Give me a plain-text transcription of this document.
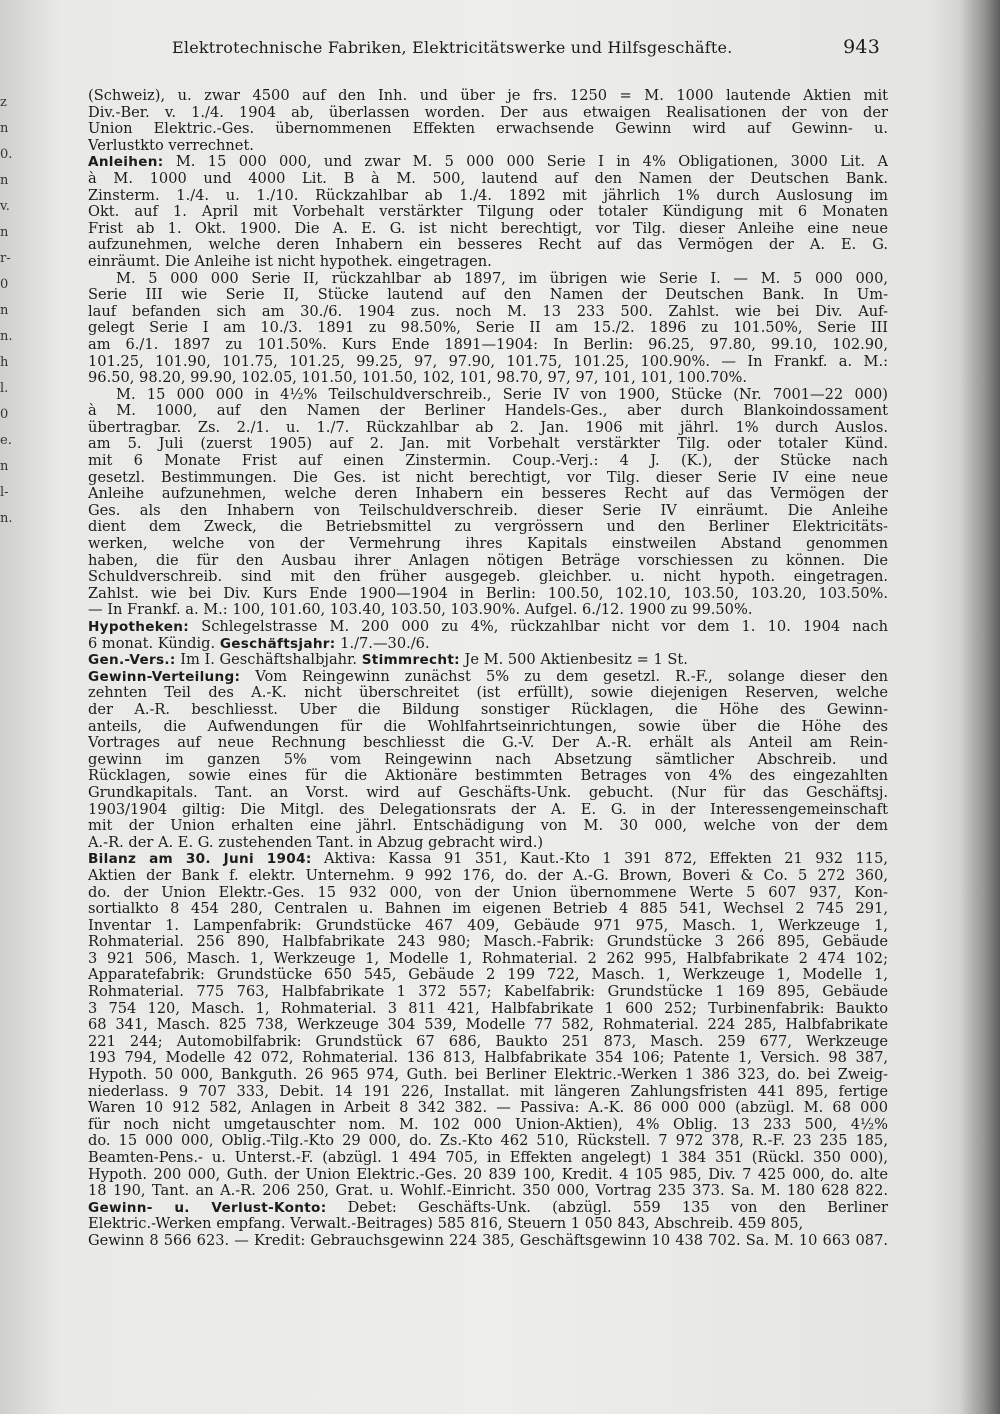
z
n
0.
n
v.
n
r-
0
n
n.
h
l.
0
e.
n
l-
n.
Elektrotechnische Fabriken, Elektricitätswerke und Hilfsgeschäfte.	943
(Schweiz), u. zwar 4500 auf den Inh. und über je frs. 1250 = M. 1000 lautende Aktien mit
Div.-Ber. v. 1./4. 1904 ab, überlassen worden. Der aus etwaigen Realisationen der von der
Union Elektric.-Ges. übernommenen Effekten erwachsende Gewinn wird auf Gewinn- u.
Verlustkto verrechnet.
Anleihen: M. 15 000 000, und zwar M. 5 000 000 Serie I in 4% Obligationen, 3000 Lit. A
à M. 1000 und 4000 Lit. B à M. 500, lautend auf den Namen der Deutschen Bank.
Zinsterm. 1./4. u. 1./10. Rückzahlbar ab 1./4. 1892 mit jährlich 1% durch Auslosung im
Okt. auf 1. April mit Vorbehalt verstärkter Tilgung oder totaler Kündigung mit 6 Monaten
Frist ab 1. Okt. 1900. Die A. E. G. ist nicht berechtigt, vor Tilg. dieser Anleihe eine neue
aufzunehmen, welche deren Inhabern ein besseres Recht auf das Vermögen der A. E. G.
einräumt. Die Anleihe ist nicht hypothek. eingetragen.
M. 5 000 000 Serie II, rückzahlbar ab 1897, im übrigen wie Serie I. — M. 5 000 000,
Serie III wie Serie II, Stücke lautend auf den Namen der Deutschen Bank. In Um-
lauf befanden sich am 30./6. 1904 zus. noch M. 13 233 500. Zahlst. wie bei Div. Auf-
gelegt Serie I am 10./3. 1891 zu 98.50%, Serie II am 15./2. 1896 zu 101.50%, Serie III
am 6./1. 1897 zu 101.50%. Kurs Ende 1891—1904: In Berlin: 96.25, 97.80, 99.10, 102.90,
101.25, 101.90, 101.75, 101.25, 99.25, 97, 97.90, 101.75, 101.25, 100.90%. — In Frankf. a. M.:
96.50, 98.20, 99.90, 102.05, 101.50, 101.50, 102, 101, 98.70, 97, 97, 101, 101, 100.70%.
M. 15 000 000 in 4½% Teilschuldverschreib., Serie IV von 1900, Stücke (Nr. 7001—22 000)
à M. 1000, auf den Namen der Berliner Handels-Ges., aber durch Blankoindossament
übertragbar. Zs. 2./1. u. 1./7. Rückzahlbar ab 2. Jan. 1906 mit jährl. 1% durch Auslos.
am 5. Juli (zuerst 1905) auf 2. Jan. mit Vorbehalt verstärkter Tilg. oder totaler Künd.
mit 6 Monate Frist auf einen Zinstermin. Coup.-Verj.: 4 J. (K.), der Stücke nach
gesetzl. Bestimmungen. Die Ges. ist nicht berechtigt, vor Tilg. dieser Serie IV eine neue
Anleihe aufzunehmen, welche deren Inhabern ein besseres Recht auf das Vermögen der
Ges. als den Inhabern von Teilschuldverschreib. dieser Serie IV einräumt. Die Anleihe
dient dem Zweck, die Betriebsmittel zu vergrössern und den Berliner Elektricitäts-
werken, welche von der Vermehrung ihres Kapitals einstweilen Abstand genommen
haben, die für den Ausbau ihrer Anlagen nötigen Beträge vorschiessen zu können. Die
Schuldverschreib. sind mit den früher ausgegeb. gleichber. u. nicht hypoth. eingetragen.
Zahlst. wie bei Div. Kurs Ende 1900—1904 in Berlin: 100.50, 102.10, 103.50, 103.20, 103.50%.
— In Frankf. a. M.: 100, 101.60, 103.40, 103.50, 103.90%. Aufgel. 6./12. 1900 zu 99.50%.
Hypotheken: Schlegelstrasse M. 200 000 zu 4%, rückzahlbar nicht vor dem 1. 10. 1904 nach
6 monat. Kündig. Geschäftsjahr: 1./7.—30./6.
Gen.-Vers.: Im I. Geschäftshalbjahr. Stimmrecht: Je M. 500 Aktienbesitz = 1 St.
Gewinn-Verteilung: Vom Reingewinn zunächst 5% zu dem gesetzl. R.-F., solange dieser den
zehnten Teil des A.-K. nicht überschreitet (ist erfüllt), sowie diejenigen Reserven, welche
der A.-R. beschliesst. Über die Bildung sonstiger Rücklagen, die Höhe des Gewinn-
anteils, die Aufwendungen für die Wohlfahrtseinrichtungen, sowie über die Höhe des
Vortrages auf neue Rechnung beschliesst die G.-V. Der A.-R. erhält als Anteil am Rein-
gewinn im ganzen 5% vom Reingewinn nach Absetzung sämtlicher Abschreib. und
Rücklagen, sowie eines für die Aktionäre bestimmten Betrages von 4% des eingezahlten
Grundkapitals. Tant. an Vorst. wird auf Geschäfts-Unk. gebucht. (Nur für das Geschäftsj.
1903/1904 giltig: Die Mitgl. des Delegationsrats der A. E. G. in der Interessengemeinschaft
mit der Union erhalten eine jährl. Entschädigung von M. 30 000, welche von der dem
A.-R. der A. E. G. zustehenden Tant. in Abzug gebracht wird.)
Bilanz am 30. Juni 1904: Aktiva: Kassa 91 351, Kaut.-Kto 1 391 872, Effekten 21 932 115,
Aktien der Bank f. elektr. Unternehm. 9 992 176, do. der A.-G. Brown, Boveri & Co. 5 272 360,
do. der Union Elektr.-Ges. 15 932 000, von der Union übernommene Werte 5 607 937, Kon-
sortialkto 8 454 280, Centralen u. Bahnen im eigenen Betrieb 4 885 541, Wechsel 2 745 291,
Inventar 1. Lampenfabrik: Grundstücke 467 409, Gebäude 971 975, Masch. 1, Werkzeuge 1,
Rohmaterial. 256 890, Halbfabrikate 243 980; Masch.-Fabrik: Grundstücke 3 266 895, Gebäude
3 921 506, Masch. 1, Werkzeuge 1, Modelle 1, Rohmaterial. 2 262 995, Halbfabrikate 2 474 102;
Apparatefabrik: Grundstücke 650 545, Gebäude 2 199 722, Masch. 1, Werkzeuge 1, Modelle 1,
Rohmaterial. 775 763, Halbfabrikate 1 372 557; Kabelfabrik: Grundstücke 1 169 895, Gebäude
3 754 120, Masch. 1, Rohmaterial. 3 811 421, Halbfabrikate 1 600 252; Turbinenfabrik: Baukto
68 341, Masch. 825 738, Werkzeuge 304 539, Modelle 77 582, Rohmaterial. 224 285, Halbfabrikate
221 244; Automobilfabrik: Grundstück 67 686, Baukto 251 873, Masch. 259 677, Werkzeuge
193 794, Modelle 42 072, Rohmaterial. 136 813, Halbfabrikate 354 106; Patente 1, Versich. 98 387,
Hypoth. 50 000, Bankguth. 26 965 974, Guth. bei Berliner Elektric.-Werken 1 386 323, do. bei Zweig-
niederlass. 9 707 333, Debit. 14 191 226, Installat. mit längeren Zahlungsfristen 441 895, fertige
Waren 10 912 582, Anlagen in Arbeit 8 342 382. — Passiva: A.-K. 86 000 000 (abzügl. M. 68 000
für noch nicht umgetauschter nom. M. 102 000 Union-Aktien), 4% Oblig. 13 233 500, 4½%
do. 15 000 000, Oblig.-Tilg.-Kto 29 000, do. Zs.-Kto 462 510, Rückstell. 7 972 378, R.-F. 23 235 185,
Beamten-Pens.- u. Unterst.-F. (abzügl. 1 494 705, in Effekten angelegt) 1 384 351 (Rückl. 350 000),
Hypoth. 200 000, Guth. der Union Elektric.-Ges. 20 839 100, Kredit. 4 105 985, Div. 7 425 000, do. alte
18 190, Tant. an A.-R. 206 250, Grat. u. Wohlf.-Einricht. 350 000, Vortrag 235 373. Sa. M. 180 628 822.
Gewinn- u. Verlust-Konto: Debet: Geschäfts-Unk. (abzügl. 559 135 von den Berliner
Elektric.-Werken empfang. Verwalt.-Beitrages) 585 816, Steuern 1 050 843, Abschreib. 459 805,
Gewinn 8 566 623. — Kredit: Gebrauchsgewinn 224 385, Geschäftsgewinn 10 438 702. Sa. M. 10 663 087.
